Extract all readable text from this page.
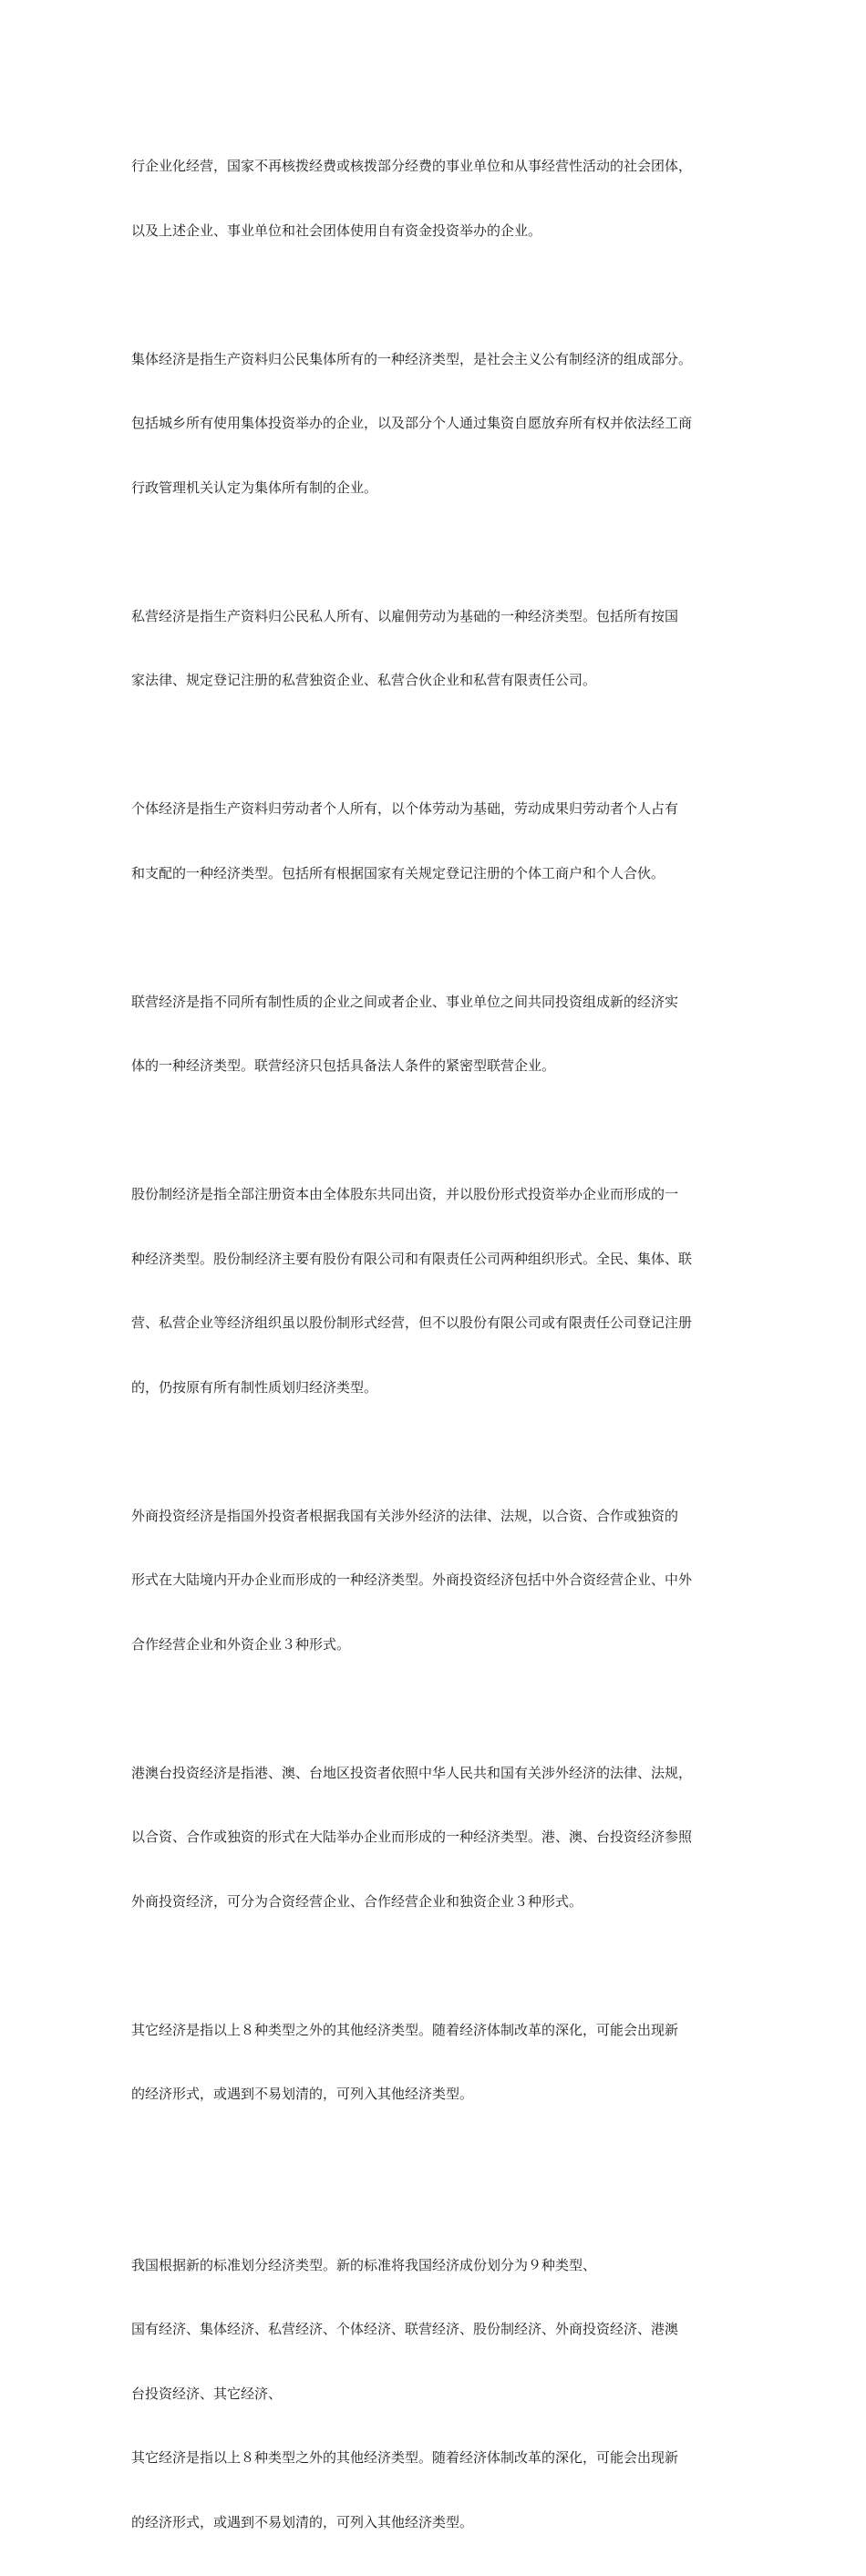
行企业化经营，国家不再核拨经费或核拨部分经费的事业单位和从事经营性活动的社会团体，

以及上述企业、事业单位和社会团体使用自有资金投资举办的企业。

集体经济是指生产资料归公民集体所有的一种经济类型，是社会主义公有制经济的组成部分。

包括城乡所有使用集体投资举办的企业，以及部分个人通过集资自愿放弃所有权并依法经工商

行政管理机关认定为集体所有制的企业。

私营经济是指生产资料归公民私人所有、以雇佣劳动为基础的一种经济类型。包括所有按国

家法律、规定登记注册的私营独资企业、私营合伙企业和私营有限责任公司。

个体经济是指生产资料归劳动者个人所有，以个体劳动为基础，劳动成果归劳动者个人占有

和支配的一种经济类型。包括所有根据国家有关规定登记注册的个体工商户和个人合伙。

联营经济是指不同所有制性质的企业之间或者企业、事业单位之间共同投资组成新的经济实

体的一种经济类型。联营经济只包括具备法人条件的紧密型联营企业。

股份制经济是指全部注册资本由全体股东共同出资，并以股份形式投资举办企业而形成的一

种经济类型。股份制经济主要有股份有限公司和有限责任公司两种组织形式。全民、集体、联

营、私营企业等经济组织虽以股份制形式经营，但不以股份有限公司或有限责任公司登记注册

的，仍按原有所有制性质划归经济类型。

外商投资经济是指国外投资者根据我国有关涉外经济的法律、法规，以合资、合作或独资的

形式在大陆境内开办企业而形成的一种经济类型。外商投资经济包括中外合资经营企业、中外

合作经营企业和外资企业３种形式。

港澳台投资经济是指港、澳、台地区投资者依照中华人民共和国有关涉外经济的法律、法规，

以合资、合作或独资的形式在大陆举办企业而形成的一种经济类型。港、澳、台投资经济参照

外商投资经济，可分为合资经营企业、合作经营企业和独资企业３种形式。

其它经济是指以上８种类型之外的其他经济类型。随着经济体制改革的深化，可能会出现新

的经济形式，或遇到不易划清的，可列入其他经济类型。

我国根据新的标准划分经济类型。新的标准将我国经济成份划分为９种类型、

国有经济、集体经济、私营经济、个体经济、联营经济、股份制经济、外商投资经济、港澳

台投资经济、其它经济、

其它经济是指以上８种类型之外的其他经济类型。随着经济体制改革的深化，可能会出现新

的经济形式，或遇到不易划清的，可列入其他经济类型。
